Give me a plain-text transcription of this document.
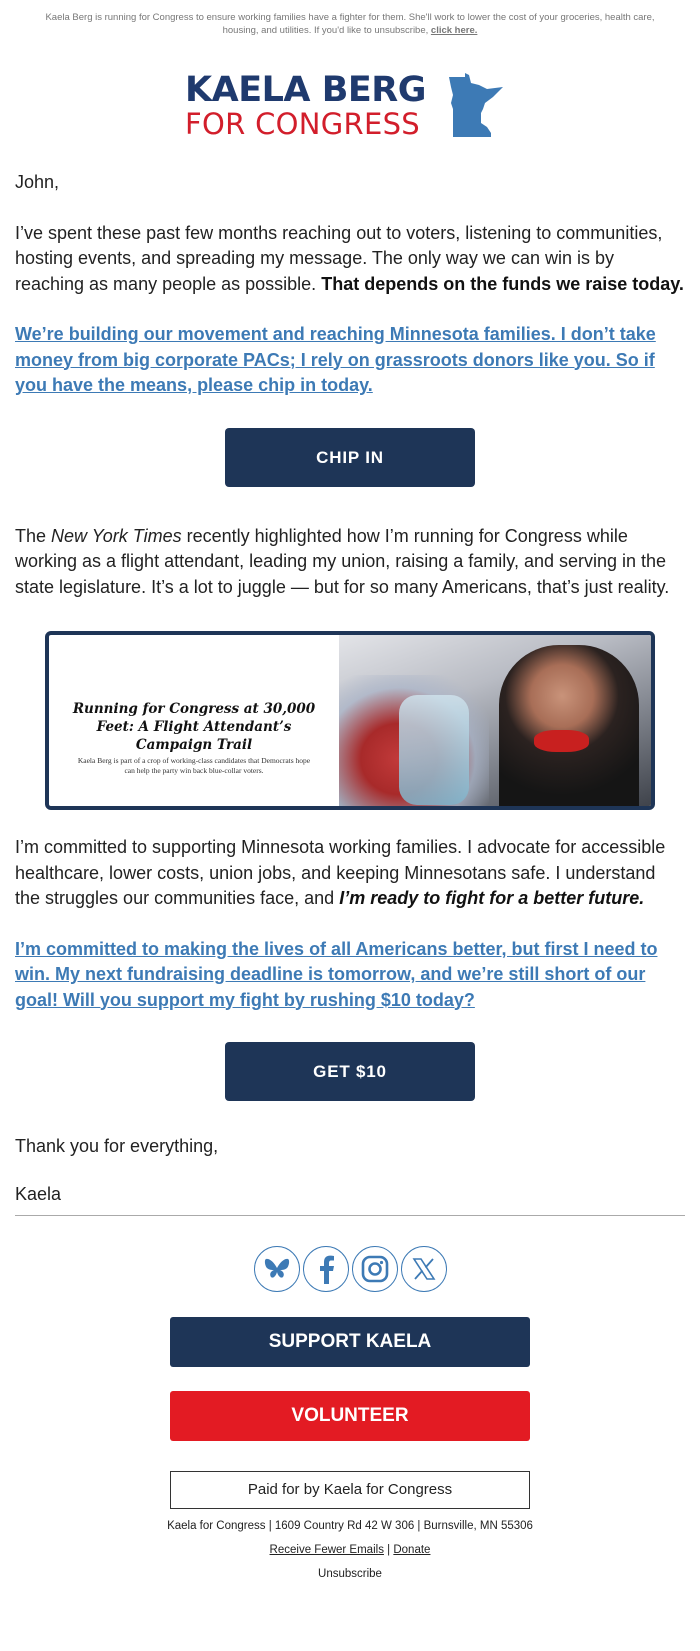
Kaela Berg is running for Congress to ensure working families have a fighter for them. She'll work to lower the cost of your groceries, health care, housing, and utilities. If you'd like to unsubscribe, click here.
KAELA BERG
FOR CONGRESS

John,

I’ve spent these past few months reaching out to voters, listening to communities, hosting events, and spreading my message. The only way we can win is by reaching as many people as possible. That depends on the funds we raise today.

We’re building our movement and reaching Minnesota families. I don’t take money from big corporate PACs; I rely on grassroots donors like you. So if you have the means, please chip in today.

CHIP IN

The New York Times recently highlighted how I’m running for Congress while working as a flight attendant, leading my union, raising a family, and serving in the state legislature. It’s a lot to juggle — but for so many Americans, that’s just reality.

Running for Congress at 30,000 Feet: A Flight Attendant’s Campaign Trail
Kaela Berg is part of a crop of working-class candidates that Democrats hope can help the party win back blue-collar voters.

I’m committed to supporting Minnesota working families. I advocate for accessible healthcare, lower costs, union jobs, and keeping Minnesotans safe. I understand the struggles our communities face, and I’m ready to fight for a better future.

I’m committed to making the lives of all Americans better, but first I need to win. My next fundraising deadline is tomorrow, and we’re still short of our goal! Will you support my fight by rushing $10 today?

GET $10

Thank you for everything,

Kaela

SUPPORT KAELA
VOLUNTEER
Paid for by Kaela for Congress
Kaela for Congress | 1609 Country Rd 42 W 306 | Burnsville, MN 55306
Receive Fewer Emails | Donate
Unsubscribe
